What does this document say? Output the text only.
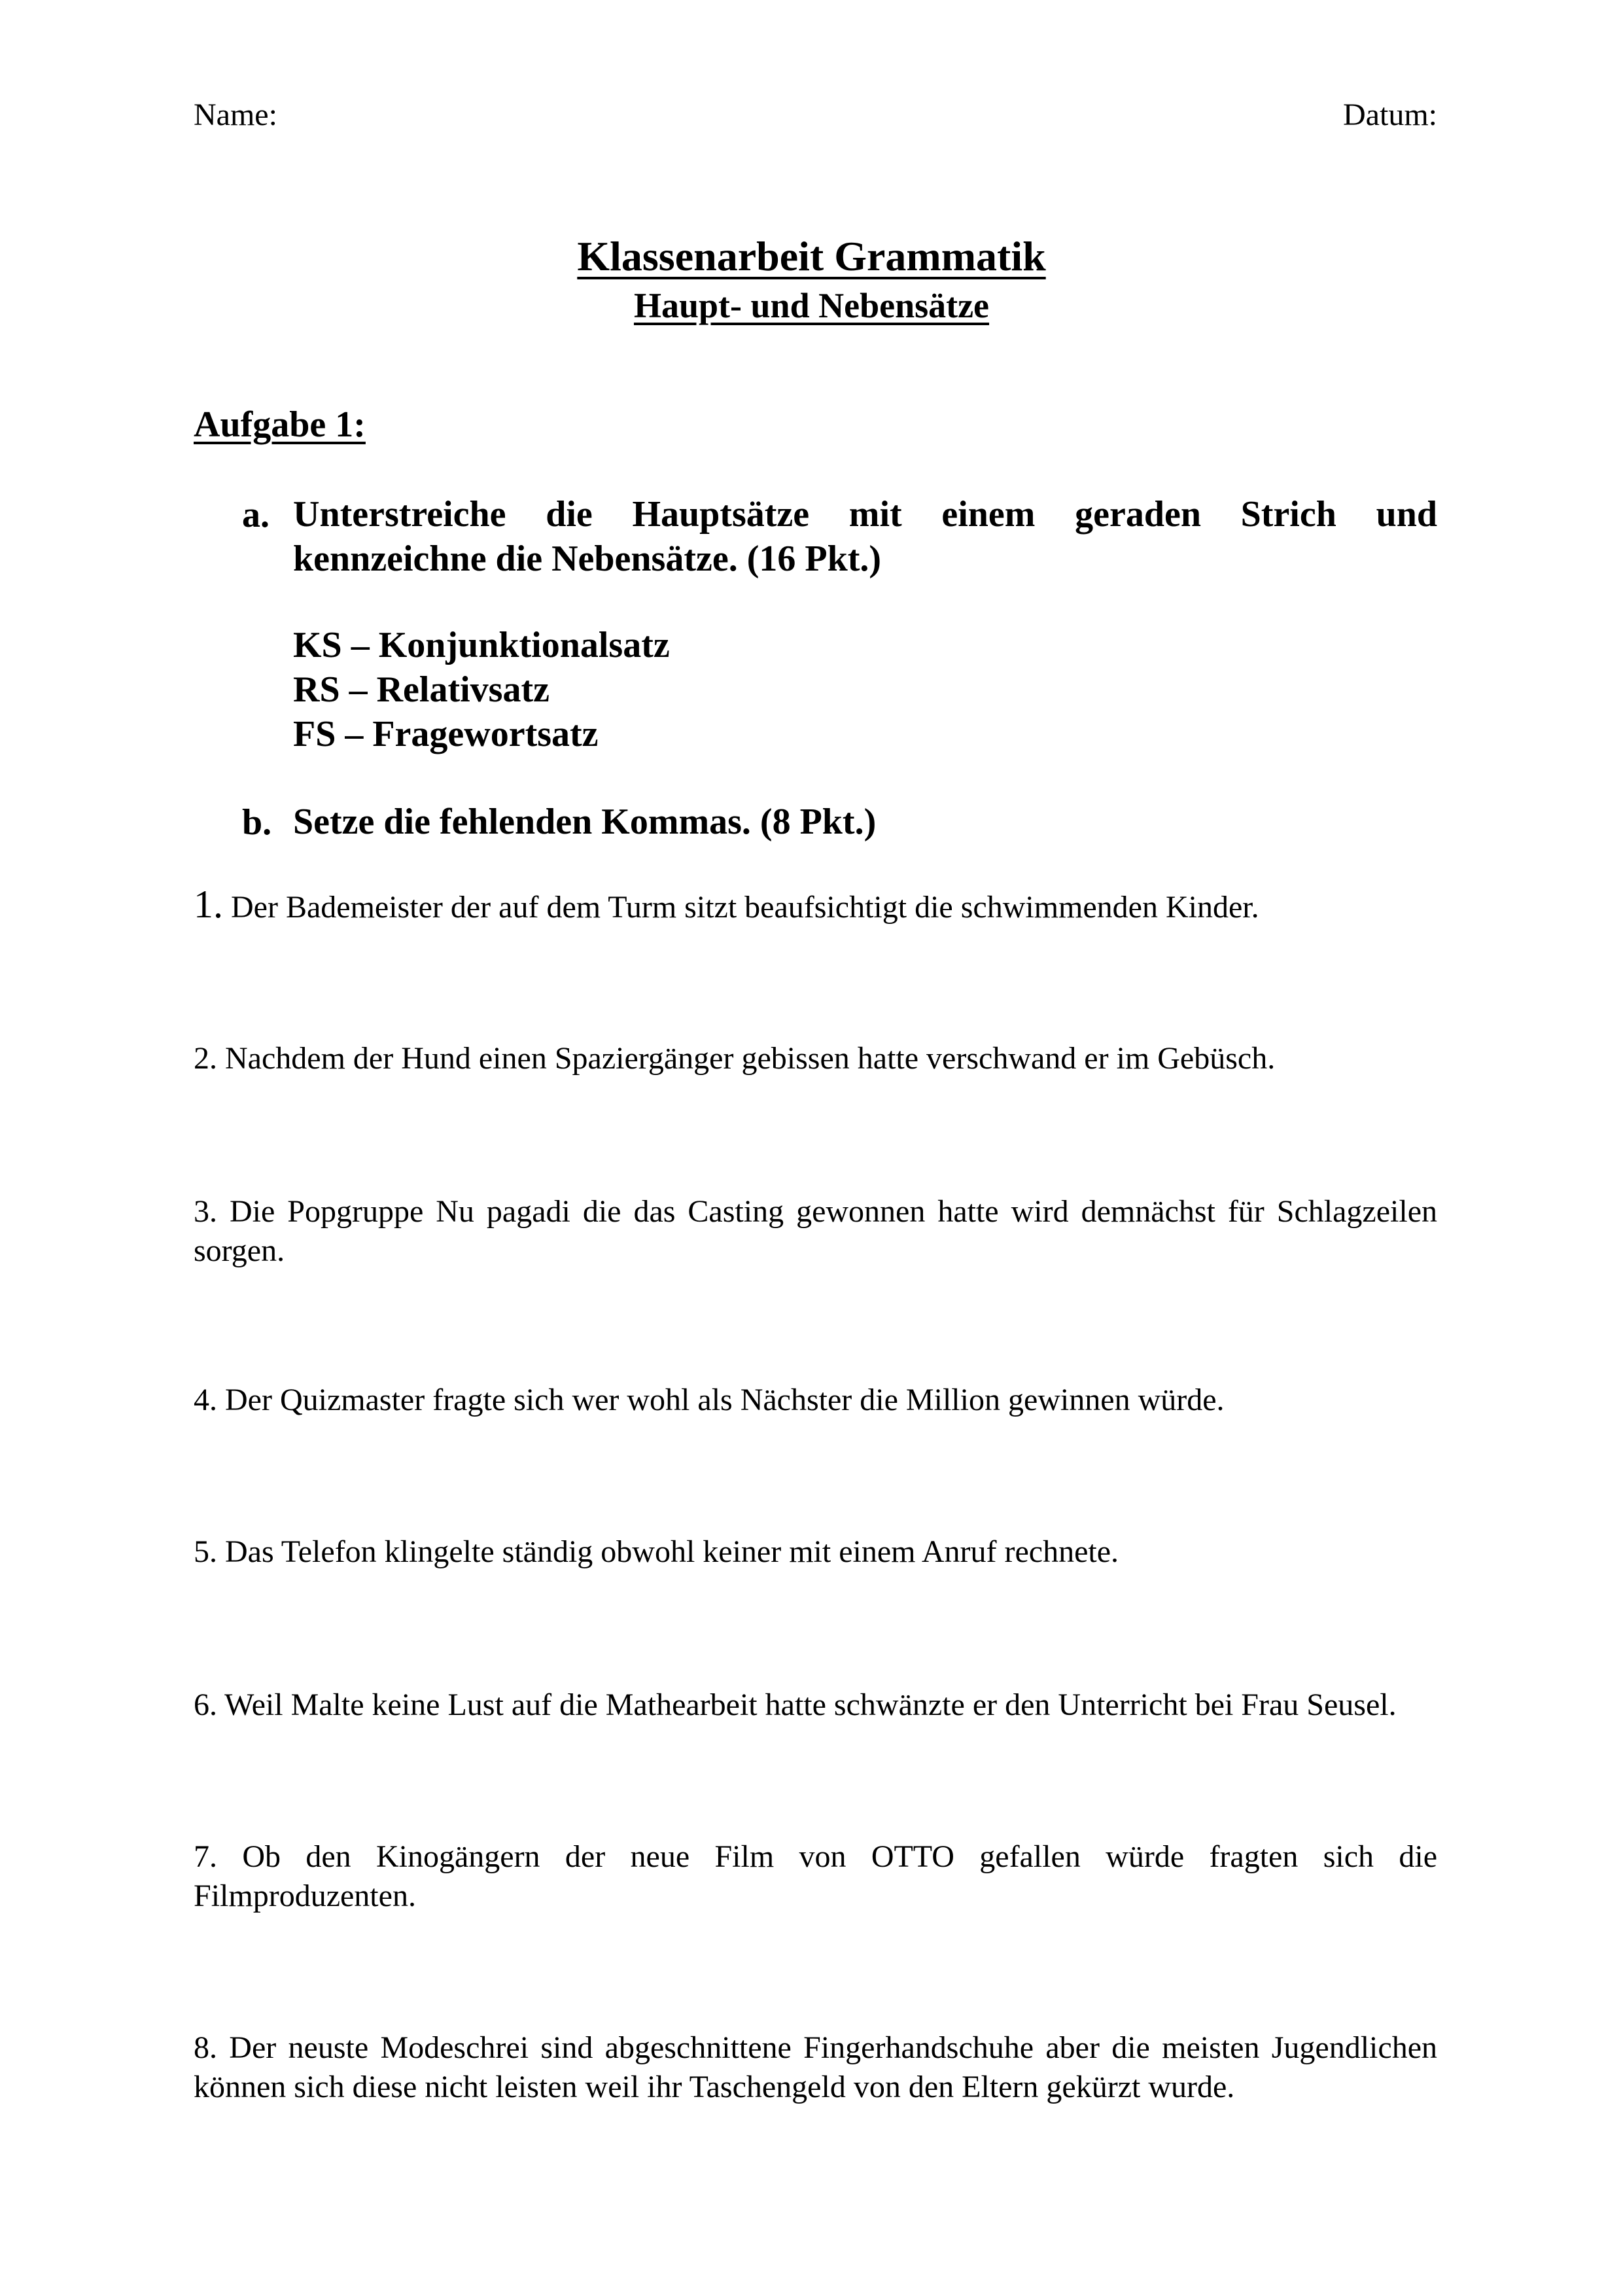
Name:	Datum:
Klassenarbeit Grammatik
Haupt- und Nebensätze
Aufgabe 1:
a. Unterstreiche die Hauptsätze mit einem geraden Strich und
kennzeichne die Nebensätze. (16 Pkt.)
KS – Konjunktionalsatz
RS – Relativsatz
FS – Fragewortsatz
b. Setze die fehlenden Kommas. (8 Pkt.)
1. Der Bademeister der auf dem Turm sitzt beaufsichtigt die schwimmenden Kinder.
2. Nachdem der Hund einen Spaziergänger gebissen hatte verschwand er im Gebüsch.
3. Die Popgruppe Nu pagadi die das Casting gewonnen hatte wird demnächst für Schlagzeilen sorgen.
4. Der Quizmaster fragte sich wer wohl als Nächster die Million gewinnen würde.
5. Das Telefon klingelte ständig obwohl keiner mit einem Anruf rechnete.
6. Weil Malte keine Lust auf die Mathearbeit hatte schwänzte er den Unterricht bei Frau Seusel.
7. Ob den Kinogängern der neue Film von OTTO gefallen würde fragten sich die Filmproduzenten.
8. Der neuste Modeschrei sind abgeschnittene Fingerhandschuhe aber die meisten Jugendlichen können sich diese nicht leisten weil ihr Taschengeld von den Eltern gekürzt wurde.
